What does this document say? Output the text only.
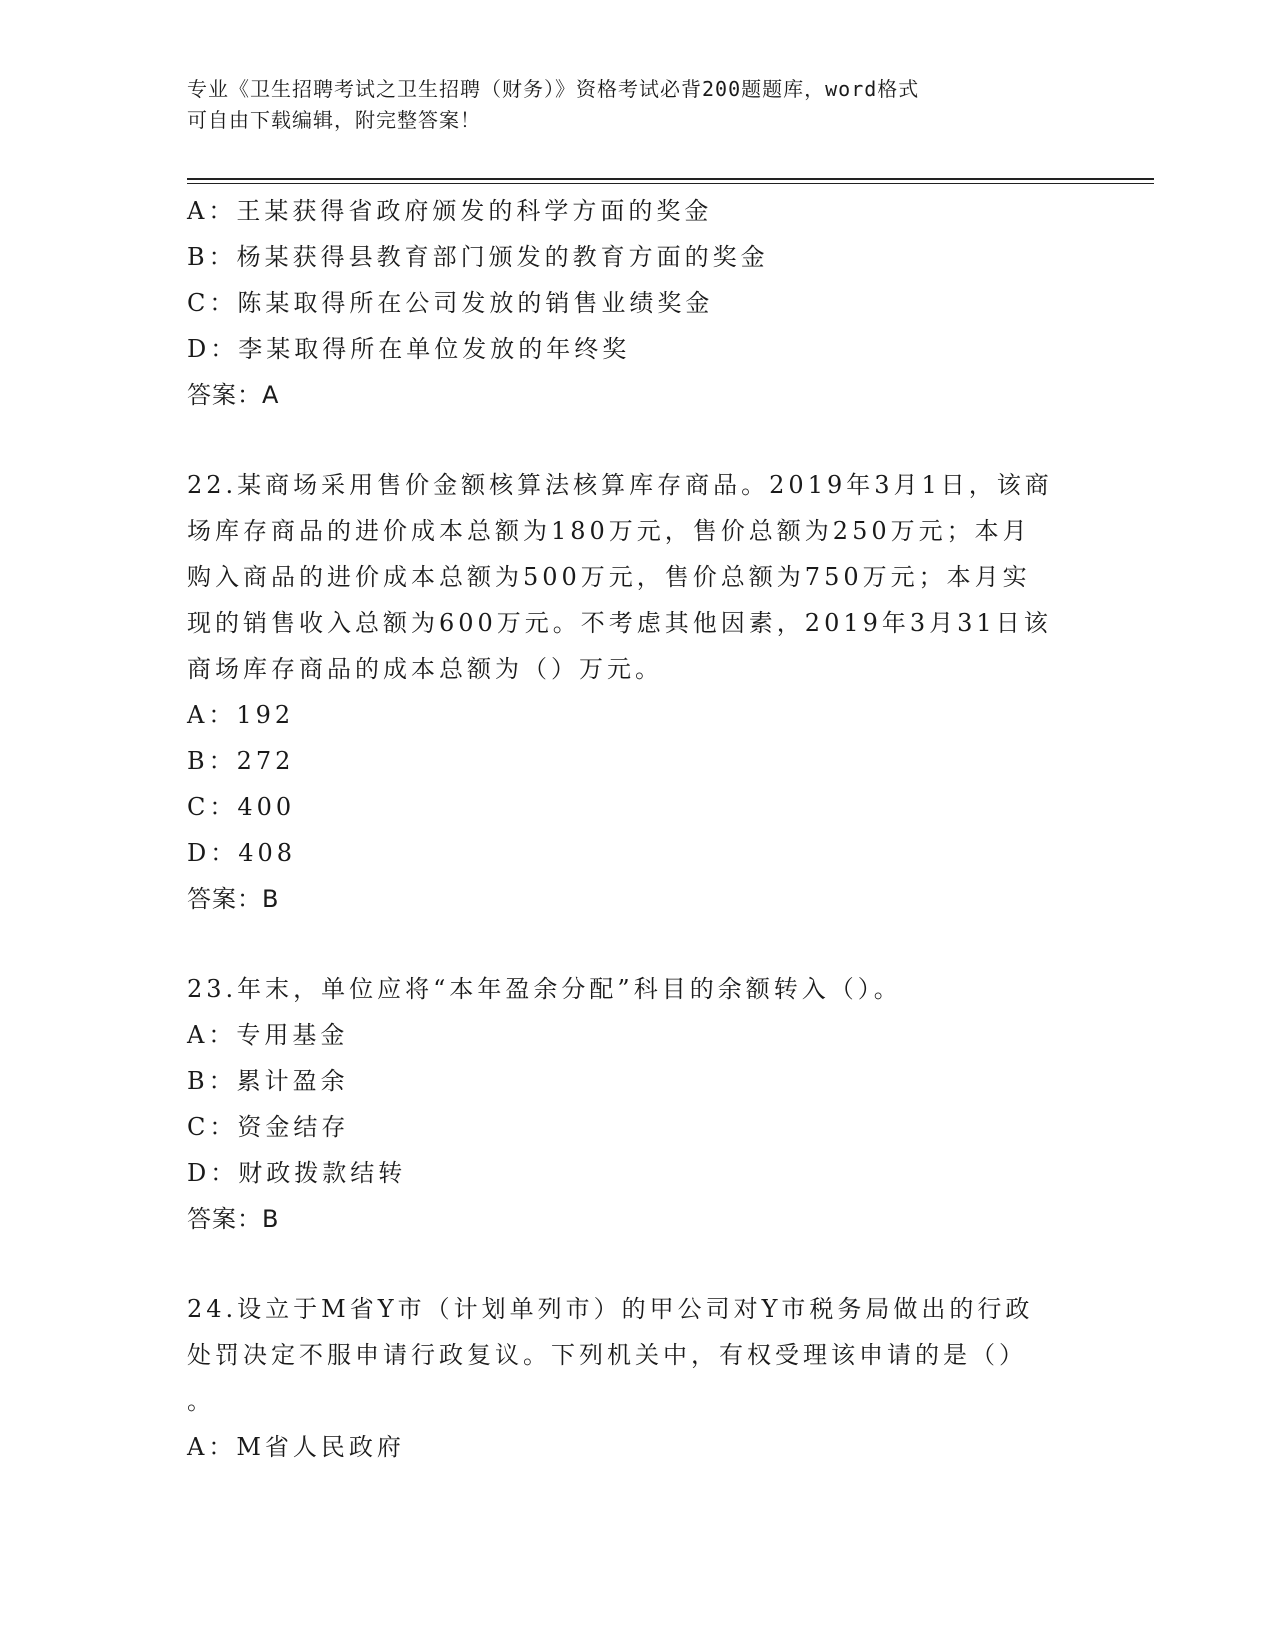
专业《卫生招聘考试之卫生招聘（财务）》资格考试必背200题题库，word格式
可自由下载编辑，附完整答案！
A：王某获得省政府颁发的科学方面的奖金
B：杨某获得县教育部门颁发的教育方面的奖金
C：陈某取得所在公司发放的销售业绩奖金
D：李某取得所在单位发放的年终奖
答案：A
22.某商场采用售价金额核算法核算库存商品。2019年3月1日，该商
场库存商品的进价成本总额为180万元，售价总额为250万元；本月
购入商品的进价成本总额为500万元，售价总额为750万元；本月实
现的销售收入总额为600万元。不考虑其他因素，2019年3月31日该
商场库存商品的成本总额为（）万元。
A：192
B：272
C：400
D：408
答案：B
23.年末，单位应将“本年盈余分配”科目的余额转入（）。
A：专用基金
B：累计盈余
C：资金结存
D：财政拨款结转
答案：B
24.设立于M省Y市（计划单列市）的甲公司对Y市税务局做出的行政
处罚决定不服申请行政复议。下列机关中，有权受理该申请的是（）
。
A：M省人民政府
